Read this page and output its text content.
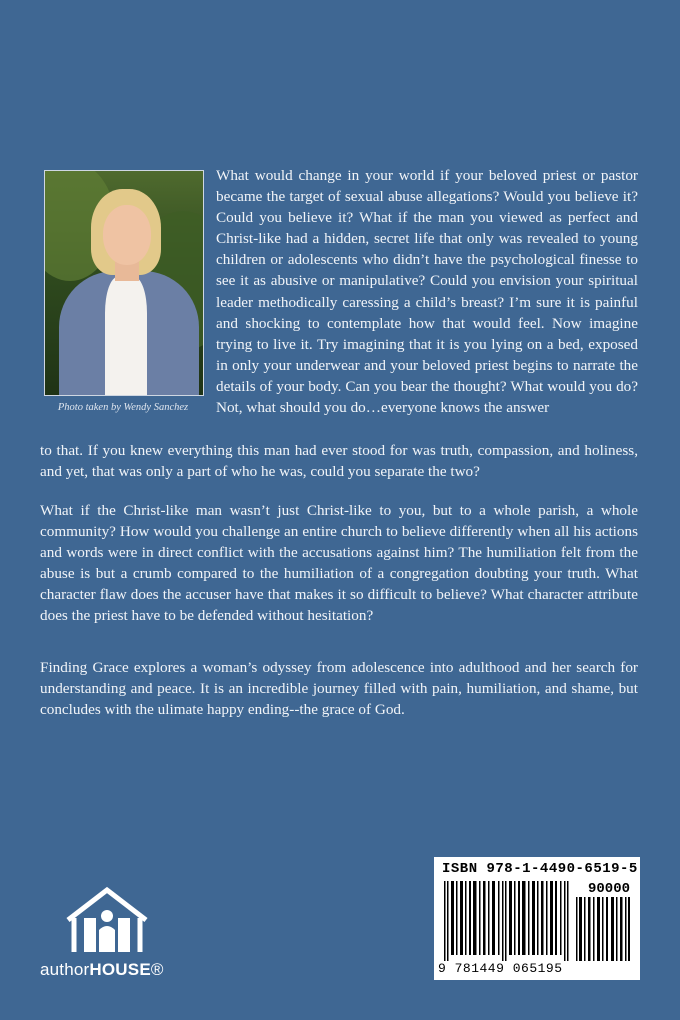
Photo taken by Wendy Sanchez
What would change in your world if your beloved priest or pastor became the target of sexual abuse allegations? Would you believe it? Could you believe it? What if the man you viewed as perfect and Christ-like had a hidden, secret life that only was revealed to young children or adolescents who didn’t have the psychological finesse to see it as abusive or manipulative? Could you envision your spiritual leader methodically caressing a child’s breast? I’m sure it is painful and shocking to contemplate how that would feel. Now imagine trying to live it. Try imagining that it is you lying on a bed, exposed in only your underwear and your beloved priest begins to narrate the details of your body. Can you bear the thought? What would you do? Not, what should you do…everyone knows the answer
to that. If you knew everything this man had ever stood for was truth, compassion, and holiness, and yet, that was only a part of who he was, could you separate the two?
What if the Christ-like man wasn’t just Christ-like to you, but to a whole parish, a whole community? How would you challenge an entire church to believe differently when all his actions and words were in direct conflict with the accusations against him? The humiliation felt from the abuse is but a crumb compared to the humiliation of a congregation doubting your truth. What character flaw does the accuser have that makes it so difficult to believe? What character attribute does the priest have to be defended without hesitation?
Finding Grace explores a woman’s odyssey from adolescence into adulthood and her search for understanding and peace. It is an incredible journey filled with pain, humiliation, and shame, but concludes with the ulimate happy ending--the grace of God.
authorHOUSE®
ISBN 978-1-4490-6519-5
90000
9 781449 065195
